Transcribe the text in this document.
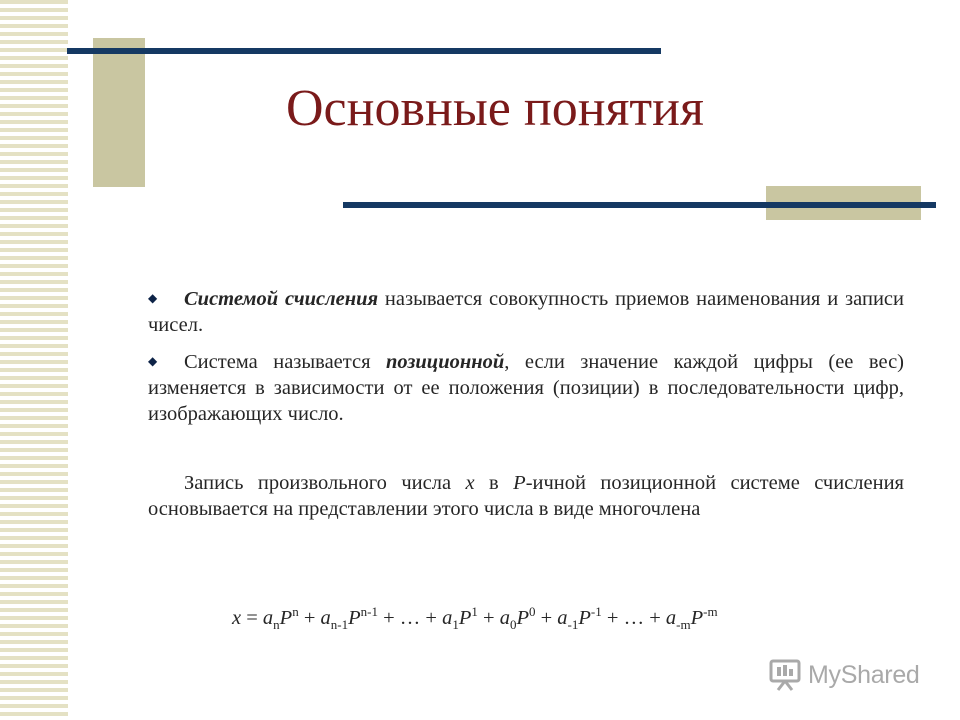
Основные понятия
◆ Системой счисления называется совокупность приемов наименования и записи чисел.
◆ Система называется позиционной, если значение каждой цифры (ее вес) изменяется в зависимости от ее положения (позиции) в последовательности цифр, изображающих число.
Запись произвольного числа x в P-ичной позиционной системе счисления основывается на представлении этого числа в виде многочлена
$x = a_nP^n + a_{n-1}P^{n-1}$ + … + $a_1P^1 + a_0P^0 + a_{-1}P^{-1}$ + … + $a_{-m}P^{-m}$
MyShared
